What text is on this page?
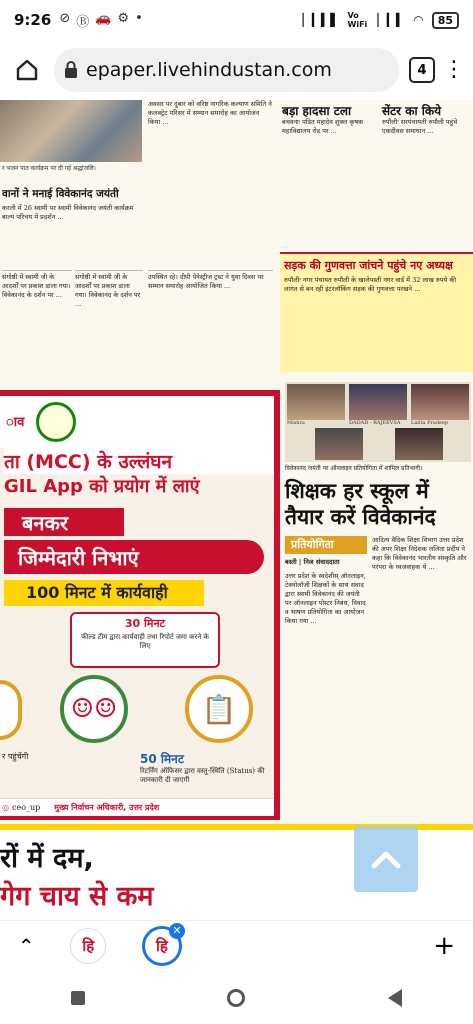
9:26 ⊘ Ⓑ 🚗 ⚙ •	▏▎▍▌ Vo WiFi ▏▎▍ ◠	85
epaper.livehindustan.com	4 ⋮
र भजन पाठ कार्यक्रम पर दी गई श्रद्धांजलि।
वानों ने मनाई विवेकानंद जयंती
करली में 26 स्वामी पर स्वामी विवेकानंद जयंती कार्यक्रम बाल्य परिचय में प्रदर्शन ...
संगोष्ठी में स्वामी जी के आदर्शों पर प्रकाश डाला गया। विवेकानंद के दर्शन पर ...
संगोष्ठी में स्वामी जी के आदर्शों पर प्रकाश डाला गया। विवेकानंद के दर्शन पर ...
अवसर पर दुबार को वरिष्ठ नागरिक कल्याण समिति ने कलक्ट्रेट परिसर में सम्मान समारोह का आयोजन किया ...
उपस्थित रहे। दीपी पेनेस्ट्रीज ट्रस्ट ने युवा दिवस पर सम्मान समारोह आयोजित किया ...
बड़ा हादसा टला
बचवनाः पंडित महादेव शुक्ल कृषक महाविद्यालय रोड पर ...
सेंटर का किये
रुपौलीः सरपंचायती रुपौली पहुंचे एकदीवस समाधान ...
सड़क की गुणवत्ता जांचने पहुंचे नए अध्यक्ष
रुपौलीः नगर पंचायत रुपौली के खालेपस्ती नगर वार्ड में 32 लाख रुपये की लागत से बन रही इंटरलॉकिंग सड़क की गुणवत्ता परखने ...
ाव
ता (MCC) के उल्लंघन
GIL App को प्रयोग में लाएं
बनकर
जिम्मेदारी निभाएं
100 मिनट में कार्यवाही
30 मिनट
फील्ड टीम द्वारा कार्यवाही तथा रिपोर्ट जमा करने के लिए
☺☺	📋
र पहुंचेंगी	50 मिनट
रिटर्निंग ऑफिसर द्वारा वस्तु-स्थिति (Status) की जानकारी दी जाएगी
◎ ceo_up मुख्य निर्वाचन अधिकारी, उत्तर प्रदेश
Mishra	DADAD - RAJEEVSA Lalita Pradeep
विवेकानंद जयंती पर ऑनलाइन प्रतियोगिता में शामिल प्रतिभागी।
शिक्षक हर स्कूल में तैयार करें विवेकानंद
प्रतियोगिता
बस्ती | निज संवाददाता
उत्तर प्रदेश के स्वदेशीस् ऑनलाइन, टेक्नोलॉजी शिक्षकों के साथ संवाद द्वारा स्वामी विवेकानंद की जयंती पर ऑनलाइन पोस्टर निबंध, विवाद व भाषण प्रतियोगिता का आयोजन किया गया ...
आदित्य वैदिक शिक्षा विभाग उत्तर प्रदेश की अपर शिक्षा निदेशक ललिता प्रदीप ने कहा कि विवेकानंद भारतीय संस्कृति और परंपरा के ध्वजवाहक थे ...
रों में दम,
गेग चाय से कम
⌃	हि	हि
✕	+
